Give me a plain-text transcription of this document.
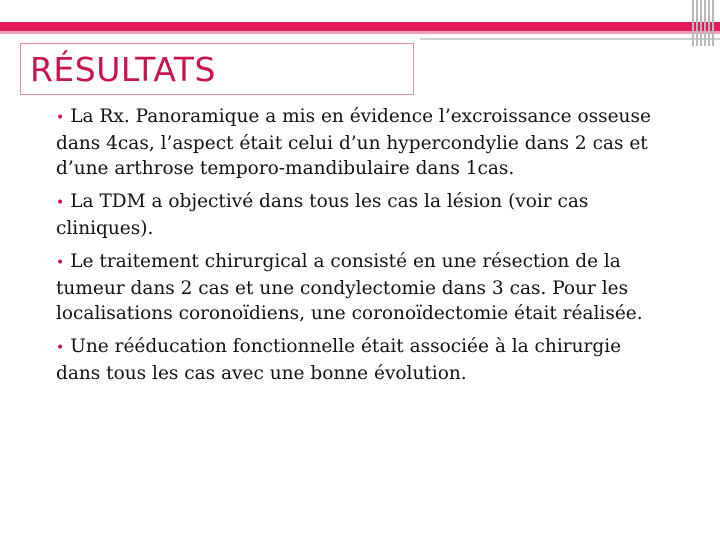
RÉSULTATS
• La Rx. Panoramique a mis en évidence l’excroissance osseuse dans 4cas, l’aspect était celui d’un hypercondylie dans 2 cas et d’une arthrose temporo-mandibulaire dans 1cas.
• La TDM a objectivé dans tous les cas la lésion (voir cas cliniques).
• Le traitement chirurgical a consisté en une résection de la tumeur dans 2 cas et une condylectomie dans 3 cas. Pour les localisations coronoïdiens, une coronoïdectomie était réalisée.
• Une rééducation fonctionnelle était associée à la chirurgie dans tous les cas avec une bonne évolution.
